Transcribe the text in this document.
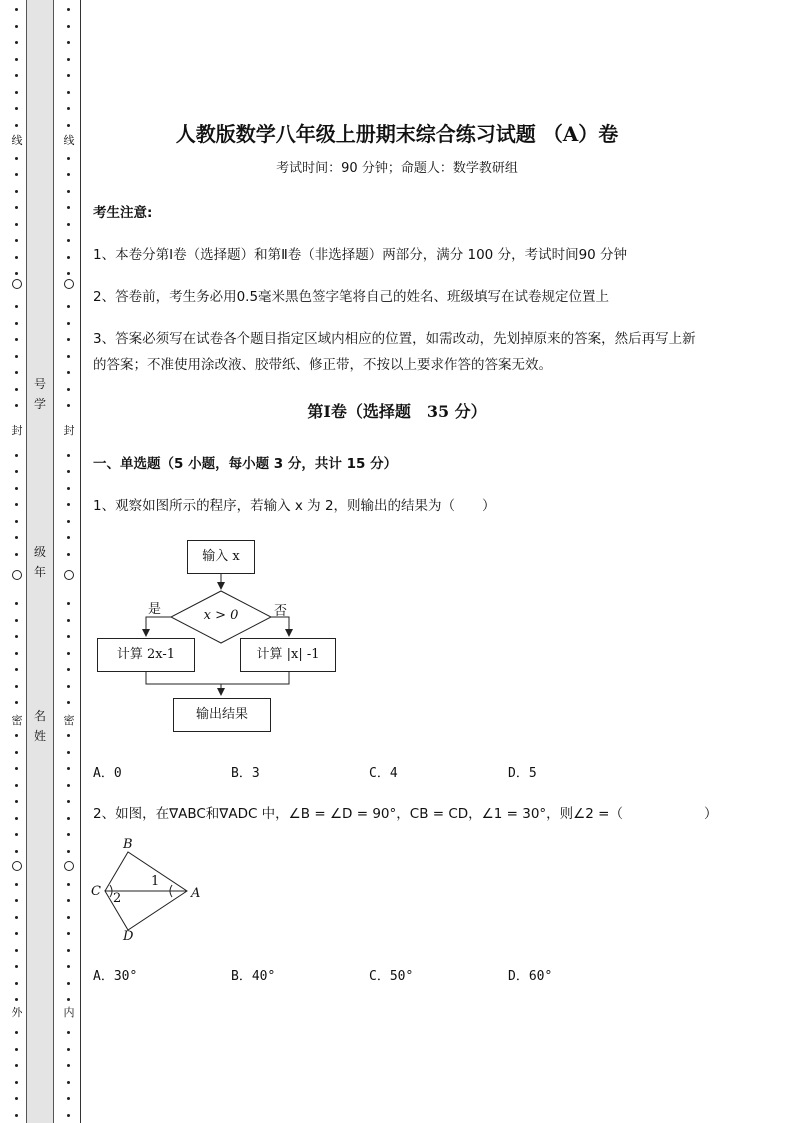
线
封
密
外
线
封
密
内
号
学
级
年
名
姓
人教版数学八年级上册期末综合练习试题 （A）卷
考试时间：90 分钟；命题人：数学教研组
考生注意:
1、本卷分第Ⅰ卷（选择题）和第Ⅱ卷（非选择题）两部分，满分 100 分，考试时间90 分钟
2、答卷前，考生务必用0.5毫米黑色签字笔将自己的姓名、班级填写在试卷规定位置上
3、答案必须写在试卷各个题目指定区域内相应的位置，如需改动，先划掉原来的答案，然后再写上新
的答案；不准使用涂改液、胶带纸、修正带，不按以上要求作答的答案无效。
第Ⅰ卷（选择题　35 分）
一、单选题（5 小题，每小题 3 分，共计 15 分）
1、观察如图所示的程序，若输入 x 为 2，则输出的结果为（　　）
输入 x
x > 0
是	否
计算 2x-1	计算 |x| -1
输出结果
A．0	B．3	C．4	D．5
2、如图，在∇ABC和∇ADC 中，∠B = ∠D = 90°，CB = CD，∠1 = 30°，则∠2 =（　　　　　　）
B
C	A
D
1
2
A．30°	B．40°	C．50°	D．60°
